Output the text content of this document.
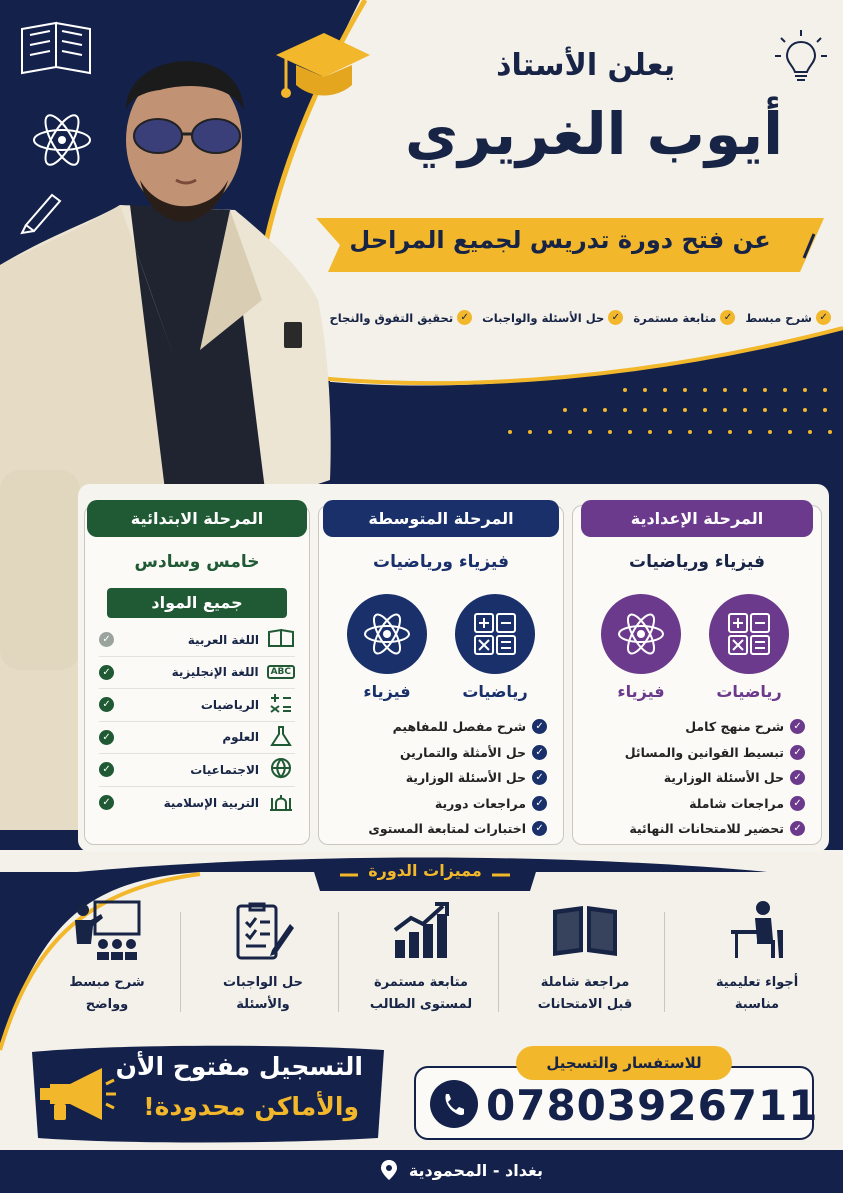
يعلن الأستاذ
أيوب الغريري
عن فتح دورة تدريس لجميع المراحل
✓
شرح مبسط
✓
متابعة مستمرة
✓
حل الأسئلة والواجبات
✓
تحقيق التفوق والنجاح
المرحلة الإعدادية
فيزياء ورياضيات
رياضيات
فيزياء
✓
شرح منهج كامل
✓
تبسيط القوانين والمسائل
✓
حل الأسئلة الوزارية
✓
مراجعات شاملة
✓
تحضير للامتحانات النهائية
المرحلة المتوسطة
فيزياء ورياضيات
رياضيات
فيزياء
✓
شرح مفصل للمفاهيم
✓
حل الأمثلة والتمارين
✓
حل الأسئلة الوزارية
✓
مراجعات دورية
✓
اختبارات لمتابعة المستوى
المرحلة الابتدائية
خامس وسادس
جميع المواد
اللغة العربية
✓
ABC
اللغة الإنجليزية
✓
الرياضيات
✓
العلوم
✓
الاجتماعيات
✓
التربية الإسلامية
✓
مميزات الدورة
أجواء تعليمية
مناسبة
مراجعة شاملة
قبل الامتحانات
متابعة مستمرة
لمستوى الطالب
حل الواجبات
والأسئلة
شرح مبسط
وواضح
التسجيل مفتوح الأن
والأماكن محدودة!
للاستفسار والتسجيل
07803926711
بغداد - المحمودية
